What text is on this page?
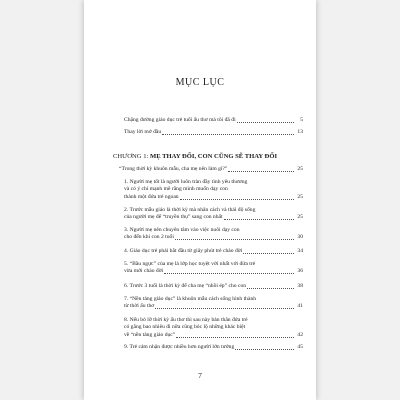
MỤC LỤC
Chặng đường giáo dục trẻ tuổi ấu thơ mà tôi đã đi	5
Thay lời mở đầu	13
CHƯƠNG 1: MẸ THAY ĐỔI, CON CŨNG SẼ THAY ĐỔI
“Trong thời kỳ khuôn mẫu, cha mẹ nên làm gì?”	25
1. Người mẹ tốt là người luôn tràn đầy tình yêu thương
và có ý chí mạnh mẽ rằng mình muốn dạy con
thành một đứa trẻ ngoan	25
2. Trước mẫu giáo là thời kỳ mà nhân cách và thái độ sống
của người mẹ để “truyền thụ” sang con nhất	25
3. Người mẹ nên chuyên tâm vào việc nuôi dạy con
cho đến khi con 2 tuổi	30
4. Giáo dục trẻ phải bắt đầu từ giây phút trẻ chào đời	34
5. “Bầu ngực” của mẹ là lớp học tuyệt vời nhất với đứa trẻ
vừa mới chào đời	36
6. Trước 3 tuổi là thời kỳ để cha mẹ “nhồi ép” cho con	38
7. “Nền tảng giáo dục” là khuôn mẫu cách sống hình thành
từ thời ấu thơ	41
8. Nếu bỏ lỡ thời kỳ ấu thơ thì sau này bản thân đứa trẻ
có gắng bao nhiêu đi nữa cũng bóc lộ những khác biệt
về “nền tảng giáo dục”	42
9. Trẻ cảm nhận được nhiều hơn người lớn tưởng	45
7
